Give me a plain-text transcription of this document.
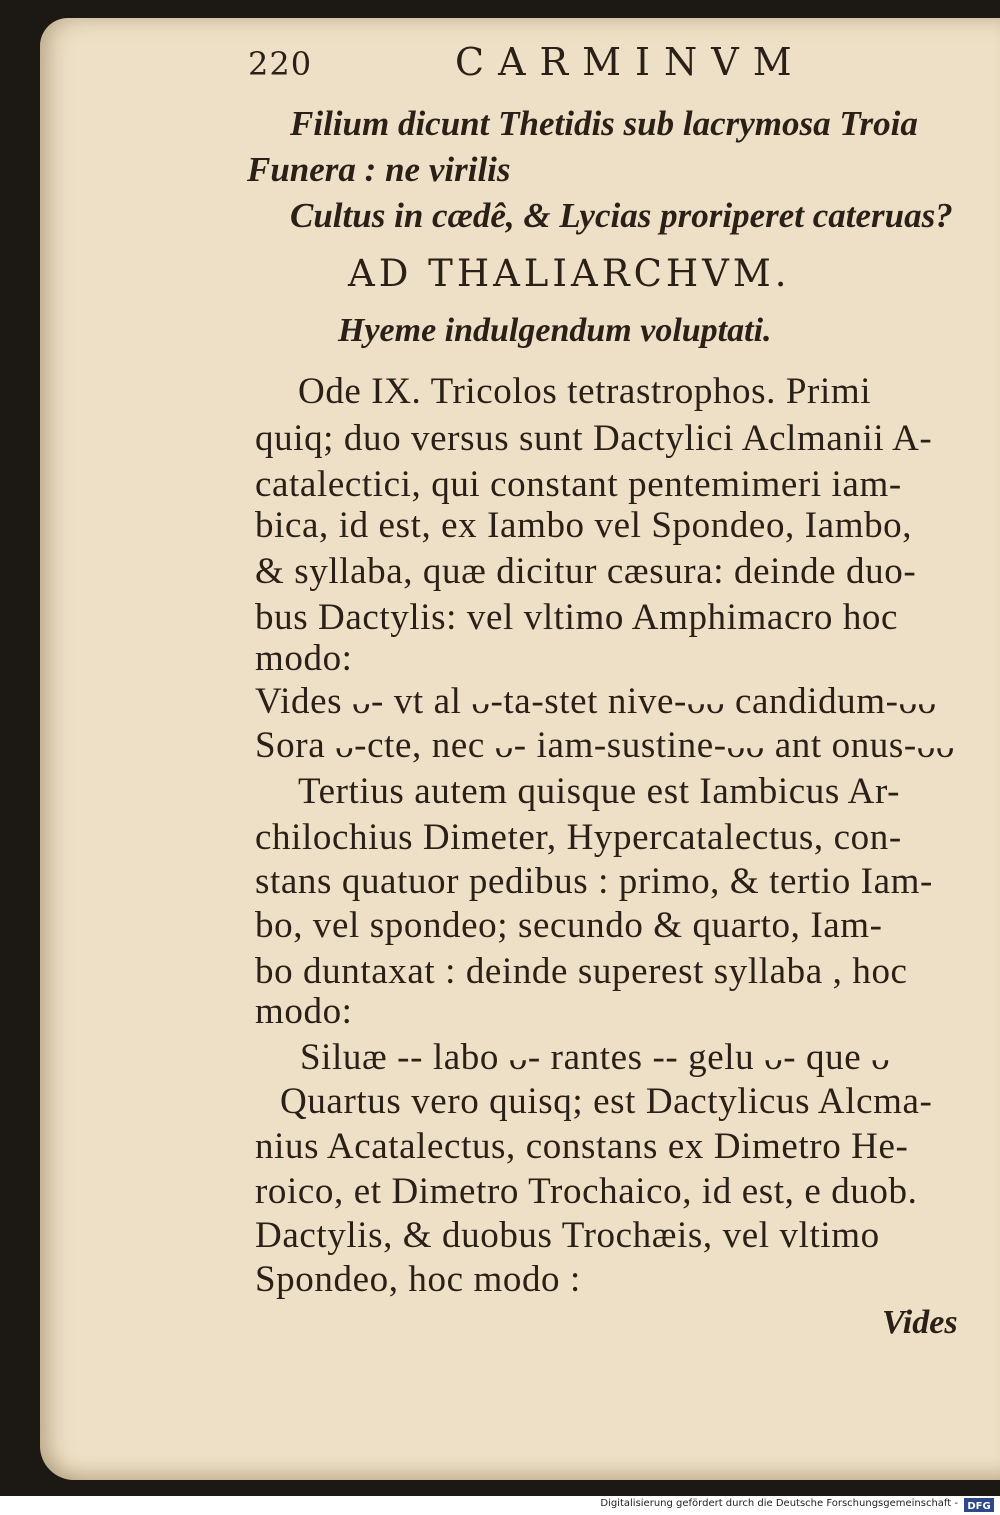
220	CARMINVM
Filium dicunt Thetidis sub lacrymosa Troia
Funera : ne virilis
Cultus in cædê, & Lycias proriperet cateruas?
AD THALIARCHVM.
Hyeme indulgendum voluptati.
Ode IX. Tricolos tetrastrophos. Primi
quiq; duo versus sunt Dactylici Aclmanii A-
catalectici, qui constant pentemimeri iam-
bica, id est, ex Iambo vel Spondeo, Iambo,
& syllaba, quæ dicitur cæsura: deinde duo-
bus Dactylis: vel vltimo Amphimacro hoc
modo:
Vides ᴗ- vt al ᴗ-ta-stet nive-ᴗᴗ candidum-ᴗᴗ
Sora ᴗ-cte, nec ᴗ- iam-sustine-ᴗᴗ ant onus-ᴗᴗ
Tertius autem quisque est Iambicus Ar-
chilochius Dimeter, Hypercatalectus, con-
stans quatuor pedibus : primo, & tertio Iam-
bo, vel spondeo; secundo & quarto, Iam-
bo duntaxat : deinde superest syllaba , hoc
modo:
Siluæ -- labo ᴗ- rantes -- gelu ᴗ- que ᴗ
Quartus vero quisq; est Dactylicus Alcma-
nius Acatalectus, constans ex Dimetro He-
roico, et Dimetro Trochaico, id est, e duob.
Dactylis, & duobus Trochæis, vel vltimo
Spondeo, hoc modo :
Vides
Digitalisierung gefördert durch die Deutsche Forschungsgemeinschaft - DFG
